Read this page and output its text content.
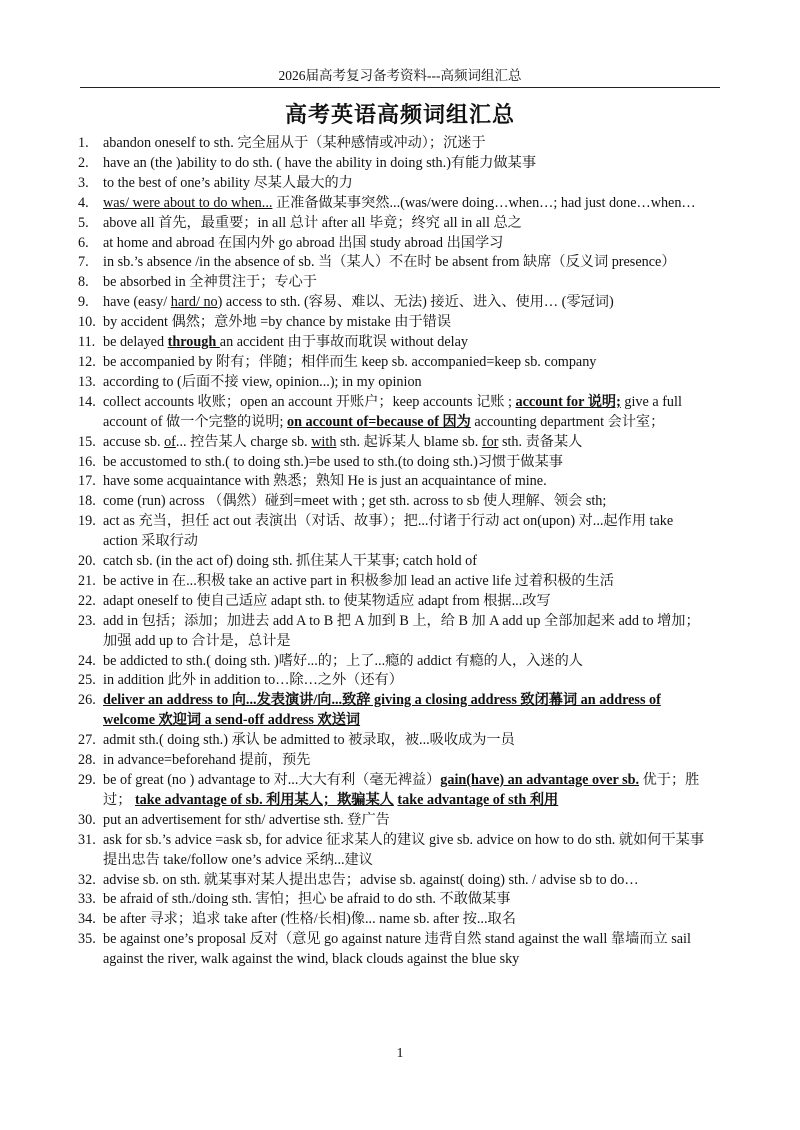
2026届高考复习备考资料---高频词组汇总
高考英语高频词组汇总
1.	abandon oneself to sth. 完全屈从于（某种感情或冲动）；沉迷于
2.	have an (the )ability to do sth. ( have the ability in doing sth.)有能力做某事
3.	to the best of one’s ability 尽某人最大的力
4.	was/ were about to do when... 正准备做某事突然...(was/were doing…when…; had just done…when…
5.	above all 首先，最重要；in all 总计 after all 毕竟；终究 all in all 总之
6.	at home and abroad 在国内外 go abroad 出国 study abroad 出国学习
7.	in sb.’s absence /in the absence of sb. 当（某人）不在时 be absent from 缺席（反义词 presence）
8.	be absorbed in 全神贯注于；专心于
9.	have (easy/ hard/ no) access to sth. (容易、难以、无法) 接近、进入、使用… (零冠词)
10. by accident 偶然；意外地 =by chance by mistake 由于错误
11. be delayed through an accident 由于事故而耽误 without delay
12. be accompanied by 附有；伴随；相伴而生 keep sb. accompanied=keep sb. company
13. according to (后面不接 view, opinion...); in my opinion
14. collect accounts 收账；open an account 开账户；keep accounts 记账 ; account for 说明; give a full account of 做一个完整的说明; on account of=because of 因为 accounting department 会计室；
15. accuse sb. of... 控告某人 charge sb. with sth. 起诉某人 blame sb. for sth. 责备某人
16. be accustomed to sth.( to doing sth.)=be used to sth.(to doing sth.)习惯于做某事
17. have some acquaintance with 熟悉；熟知 He is just an acquaintance of mine.
18. come (run) across （偶然）碰到=meet with ; get sth. across to sb 使人理解、领会 sth;
19. act as 充当，担任 act out 表演出（对话、故事）；把...付诸于行动 act on(upon) 对...起作用 take action 采取行动
20. catch sb. (in the act of) doing sth. 抓住某人干某事; catch hold of
21. be active in 在...积极 take an active part in 积极参加 lead an active life 过着积极的生活
22. adapt oneself to 使自己适应 adapt sth. to 使某物适应 adapt from 根据...改写
23. add in 包括；添加；加进去 add A to B 把 A 加到 B 上，给 B 加 A add up 全部加起来 add to 增加；加强 add up to 合计是，总计是
24. be addicted to sth.( doing sth. )嗜好...的；上了...瘾的 addict 有瘾的人，入迷的人
25. in addition 此外 in addition to…除…之外（还有）
26. deliver an address to 向...发表演讲/向...致辞 giving a closing address 致闭幕词 an address of welcome 欢迎词 a send-off address 欢送词
27. admit sth.( doing sth.) 承认 be admitted to 被录取，被...吸收成为一员
28. in advance=beforehand 提前，预先
29. be of great (no ) advantage to 对...大大有利（毫无裨益）gain(have) an advantage over sb. 优于；胜过； take advantage of sb. 利用某人；欺骗某人 take advantage of sth 利用
30. put an advertisement for sth/ advertise sth. 登广告
31. ask for sb.’s advice =ask sb, for advice 征求某人的建议 give sb. advice on how to do sth. 就如何干某事提出忠告 take/follow one’s advice 采纳...建议
32. advise sb. on sth. 就某事对某人提出忠告；advise sb. against( doing) sth. / advise sb to do…
33. be afraid of sth./doing sth. 害怕；担心 be afraid to do sth. 不敢做某事
34. be after 寻求；追求 take after (性格/长相)像... name sb. after 按...取名
35. be against one’s proposal 反对（意见 go against nature 违背自然 stand against the wall 靠墙而立 sail against the river, walk against the wind, black clouds against the blue sky
1
